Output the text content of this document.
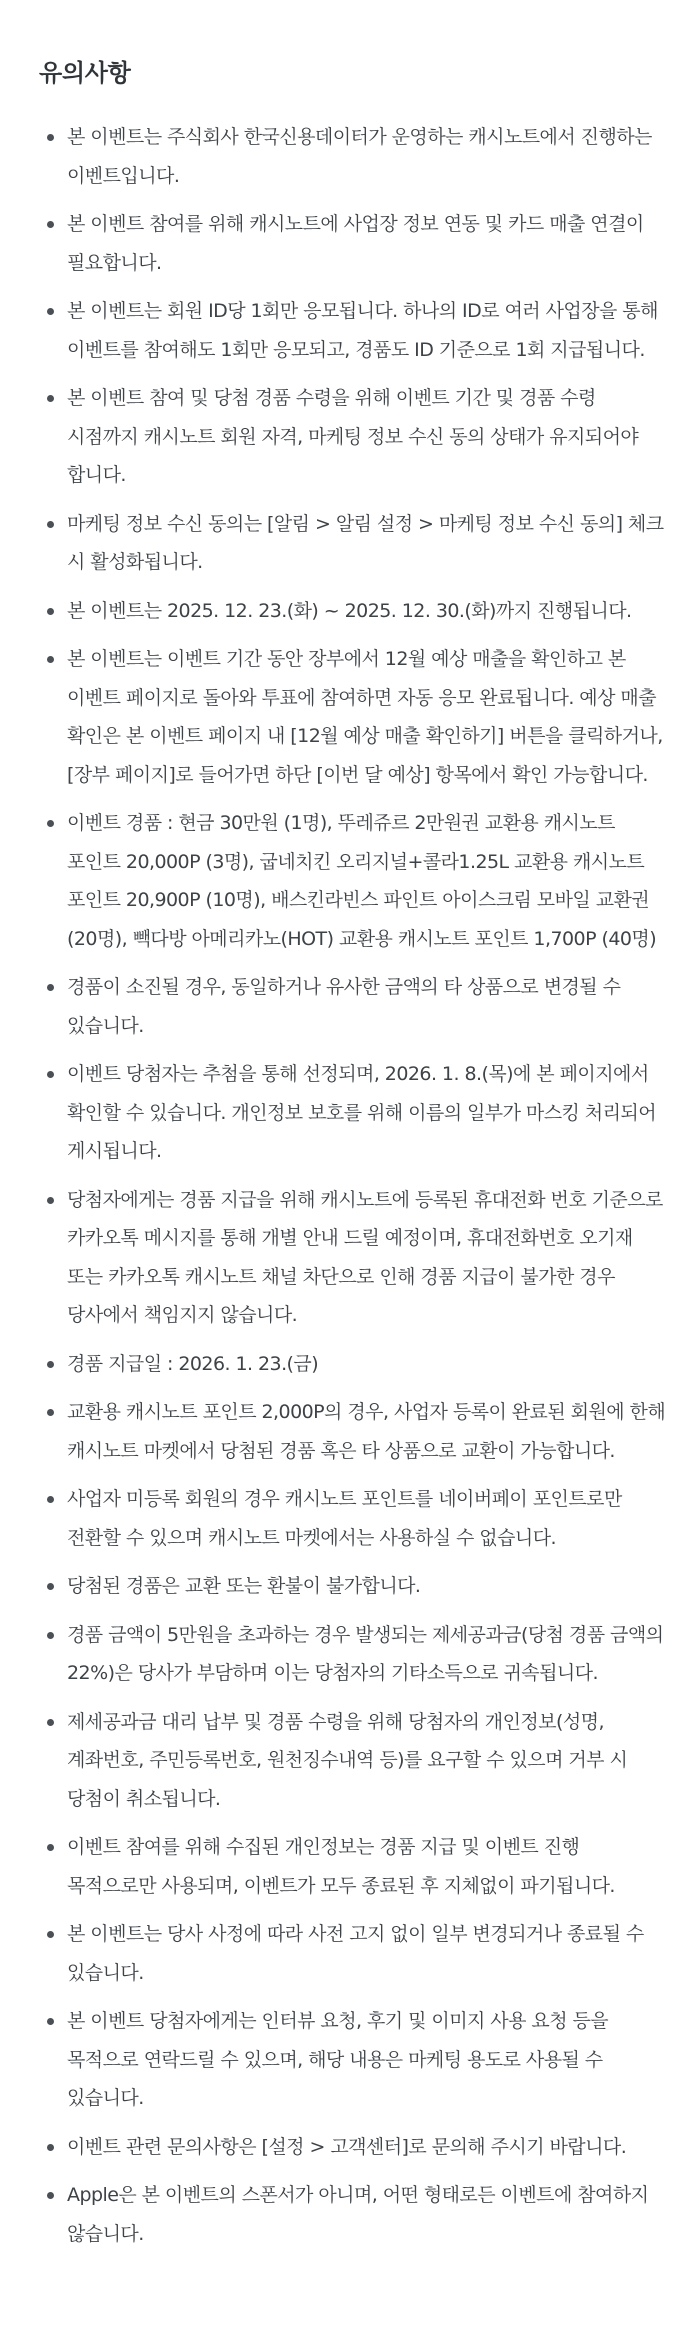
유의사항
본 이벤트는 주식회사 한국신용데이터가 운영하는 캐시노트에서 진행하는 이벤트입니다.
본 이벤트 참여를 위해 캐시노트에 사업장 정보 연동 및 카드 매출 연결이 필요합니다.
본 이벤트는 회원 ID당 1회만 응모됩니다. 하나의 ID로 여러 사업장을 통해 이벤트를 참여해도 1회만 응모되고, 경품도 ID 기준으로 1회 지급됩니다.
본 이벤트 참여 및 당첨 경품 수령을 위해 이벤트 기간 및 경품 수령 시점까지 캐시노트 회원 자격, 마케팅 정보 수신 동의 상태가 유지되어야 합니다.
마케팅 정보 수신 동의는 [알림 > 알림 설정 > 마케팅 정보 수신 동의] 체크 시 활성화됩니다.
본 이벤트는 2025. 12. 23.(화) ~ 2025. 12. 30.(화)까지 진행됩니다.
본 이벤트는 이벤트 기간 동안 장부에서 12월 예상 매출을 확인하고 본 이벤트 페이지로 돌아와 투표에 참여하면 자동 응모 완료됩니다. 예상 매출 확인은 본 이벤트 페이지 내 [12월 예상 매출 확인하기] 버튼을 클릭하거나, [장부 페이지]로 들어가면 하단 [이번 달 예상] 항목에서 확인 가능합니다.
이벤트 경품 : 현금 30만원 (1명), 뚜레쥬르 2만원권 교환용 캐시노트 포인트 20,000P (3명), 굽네치킨 오리지널+콜라1.25L 교환용 캐시노트 포인트 20,900P (10명), 배스킨라빈스 파인트 아이스크림 모바일 교환권 (20명), 빽다방 아메리카노(HOT) 교환용 캐시노트 포인트 1,700P (40명)
경품이 소진될 경우, 동일하거나 유사한 금액의 타 상품으로 변경될 수 있습니다.
이벤트 당첨자는 추첨을 통해 선정되며, 2026. 1. 8.(목)에 본 페이지에서 확인할 수 있습니다. 개인정보 보호를 위해 이름의 일부가 마스킹 처리되어 게시됩니다.
당첨자에게는 경품 지급을 위해 캐시노트에 등록된 휴대전화 번호 기준으로 카카오톡 메시지를 통해 개별 안내 드릴 예정이며, 휴대전화번호 오기재 또는 카카오톡 캐시노트 채널 차단으로 인해 경품 지급이 불가한 경우 당사에서 책임지지 않습니다.
경품 지급일 : 2026. 1. 23.(금)
교환용 캐시노트 포인트 2,000P의 경우, 사업자 등록이 완료된 회원에 한해 캐시노트 마켓에서 당첨된 경품 혹은 타 상품으로 교환이 가능합니다.
사업자 미등록 회원의 경우 캐시노트 포인트를 네이버페이 포인트로만 전환할 수 있으며 캐시노트 마켓에서는 사용하실 수 없습니다.
당첨된 경품은 교환 또는 환불이 불가합니다.
경품 금액이 5만원을 초과하는 경우 발생되는 제세공과금(당첨 경품 금액의 22%)은 당사가 부담하며 이는 당첨자의 기타소득으로 귀속됩니다.
제세공과금 대리 납부 및 경품 수령을 위해 당첨자의 개인정보(성명, 계좌번호, 주민등록번호, 원천징수내역 등)를 요구할 수 있으며 거부 시 당첨이 취소됩니다.
이벤트 참여를 위해 수집된 개인정보는 경품 지급 및 이벤트 진행 목적으로만 사용되며, 이벤트가 모두 종료된 후 지체없이 파기됩니다.
본 이벤트는 당사 사정에 따라 사전 고지 없이 일부 변경되거나 종료될 수 있습니다.
본 이벤트 당첨자에게는 인터뷰 요청, 후기 및 이미지 사용 요청 등을 목적으로 연락드릴 수 있으며, 해당 내용은 마케팅 용도로 사용될 수 있습니다.
이벤트 관련 문의사항은 [설정 > 고객센터]로 문의해 주시기 바랍니다.
Apple은 본 이벤트의 스폰서가 아니며, 어떤 형태로든 이벤트에 참여하지 않습니다.
